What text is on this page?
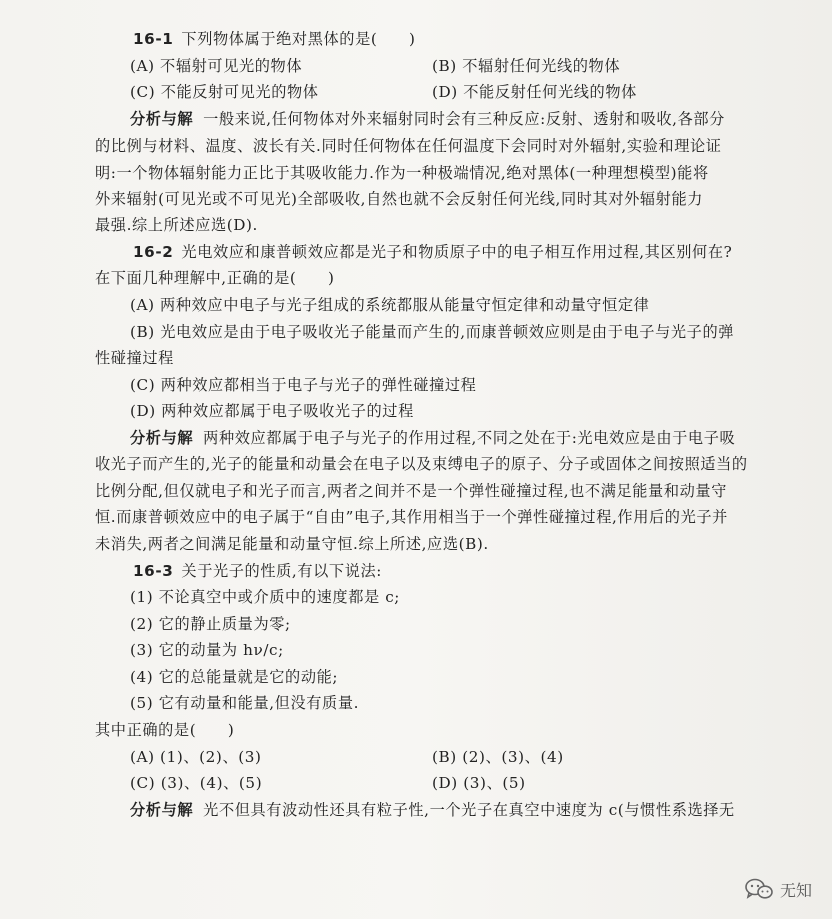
16-1 下列物体属于绝对黑体的是(　　)
(A) 不辐射可见光的物体	(B) 不辐射任何光线的物体
(C) 不能反射可见光的物体	(D) 不能反射任何光线的物体
分析与解 一般来说,任何物体对外来辐射同时会有三种反应:反射、透射和吸收,各部分
的比例与材料、温度、波长有关.同时任何物体在任何温度下会同时对外辐射,实验和理论证
明:一个物体辐射能力正比于其吸收能力.作为一种极端情况,绝对黑体(一种理想模型)能将
外来辐射(可见光或不可见光)全部吸收,自然也就不会反射任何光线,同时其对外辐射能力
最强.综上所述应选(D).
16-2 光电效应和康普顿效应都是光子和物质原子中的电子相互作用过程,其区别何在?
在下面几种理解中,正确的是(　　)
(A) 两种效应中电子与光子组成的系统都服从能量守恒定律和动量守恒定律
(B) 光电效应是由于电子吸收光子能量而产生的,而康普顿效应则是由于电子与光子的弹
性碰撞过程
(C) 两种效应都相当于电子与光子的弹性碰撞过程
(D) 两种效应都属于电子吸收光子的过程
分析与解 两种效应都属于电子与光子的作用过程,不同之处在于:光电效应是由于电子吸
收光子而产生的,光子的能量和动量会在电子以及束缚电子的原子、分子或固体之间按照适当的
比例分配,但仅就电子和光子而言,两者之间并不是一个弹性碰撞过程,也不满足能量和动量守
恒.而康普顿效应中的电子属于“自由”电子,其作用相当于一个弹性碰撞过程,作用后的光子并
未消失,两者之间满足能量和动量守恒.综上所述,应选(B).
16-3 关于光子的性质,有以下说法:
(1) 不论真空中或介质中的速度都是 c;
(2) 它的静止质量为零;
(3) 它的动量为 hν/c;
(4) 它的总能量就是它的动能;
(5) 它有动量和能量,但没有质量.
其中正确的是(　　)
(A) (1)、(2)、(3)	(B) (2)、(3)、(4)
(C) (3)、(4)、(5)	(D) (3)、(5)
分析与解 光不但具有波动性还具有粒子性,一个光子在真空中速度为 c(与惯性系选择无
无知
